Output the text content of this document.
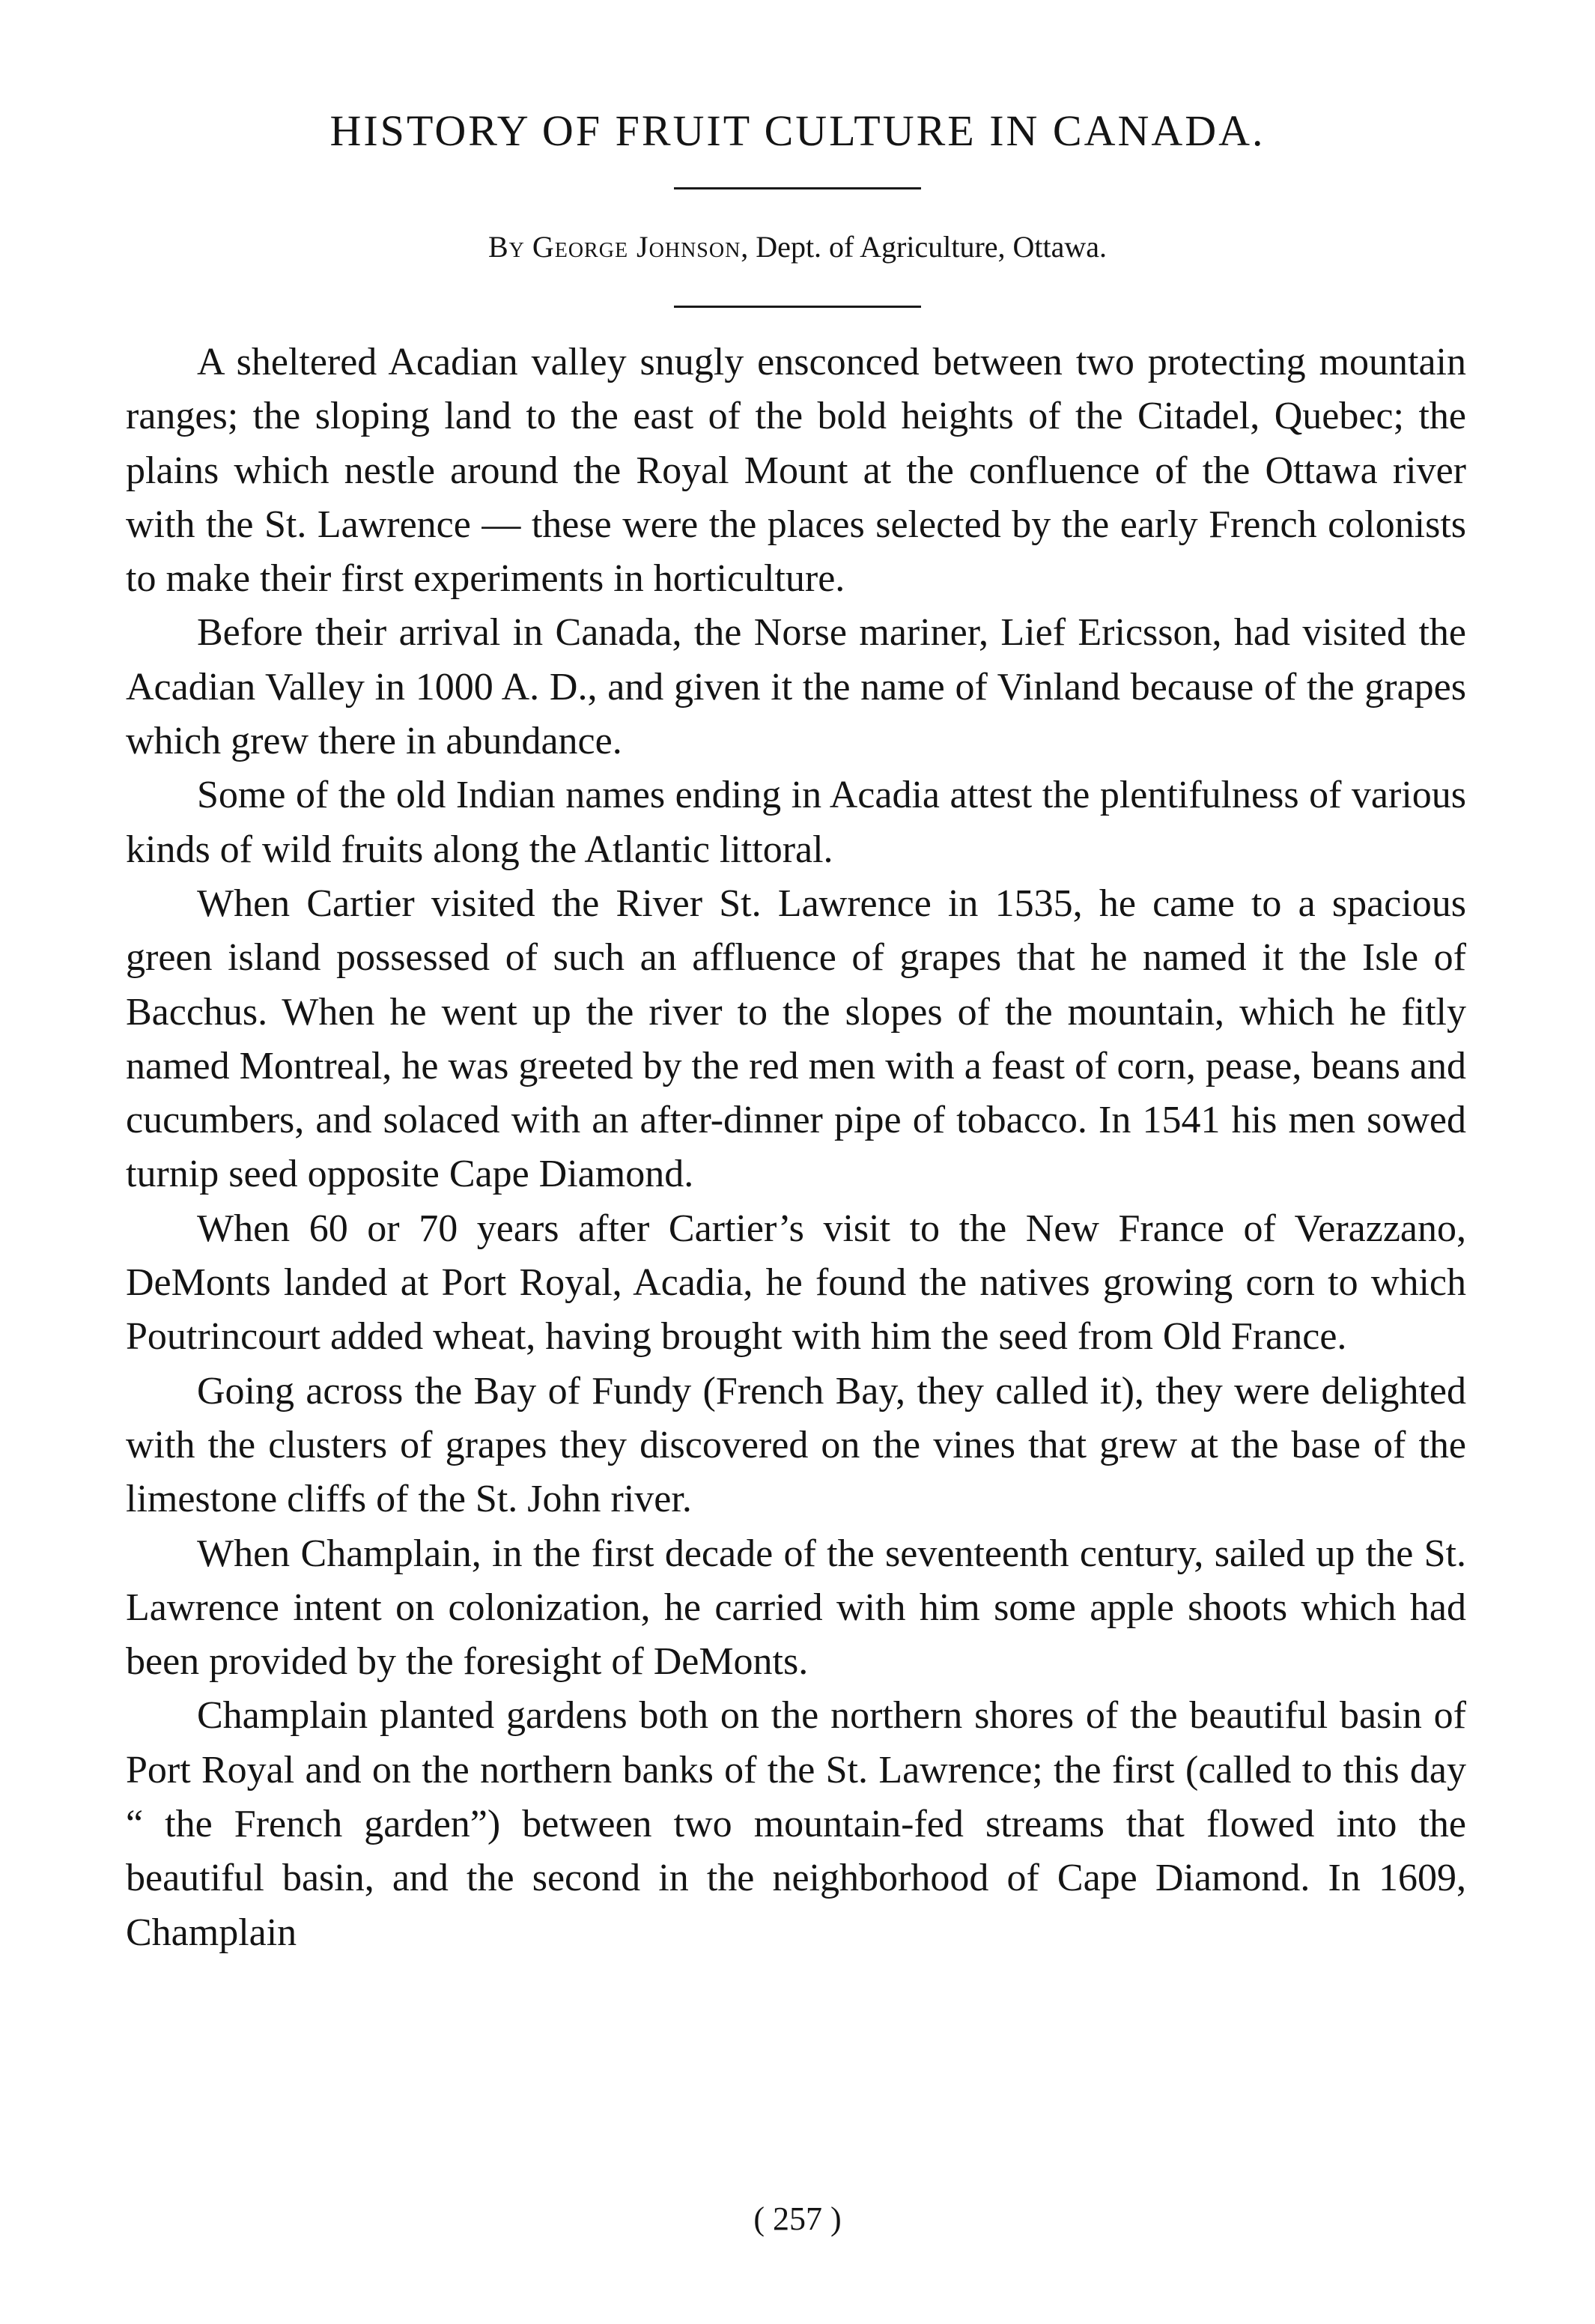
HISTORY OF FRUIT CULTURE IN CANADA.
By George Johnson, Dept. of Agriculture, Ottawa.

A sheltered Acadian valley snugly ensconced between two protecting mountain ranges; the sloping land to the east of the bold heights of the Citadel, Quebec; the plains which nestle around the Royal Mount at the confluence of the Ottawa river with the St. Lawrence — these were the places selected by the early French colonists to make their first experiments in horticulture.

Before their arrival in Canada, the Norse mariner, Lief Ericsson, had visited the Acadian Valley in 1000 A. D., and given it the name of Vinland because of the grapes which grew there in abundance.

Some of the old Indian names ending in Acadia attest the plentifulness of various kinds of wild fruits along the Atlantic littoral.

When Cartier visited the River St. Lawrence in 1535, he came to a spacious green island possessed of such an affluence of grapes that he named it the Isle of Bacchus. When he went up the river to the slopes of the mountain, which he fitly named Montreal, he was greeted by the red men with a feast of corn, pease, beans and cucumbers, and solaced with an after-dinner pipe of tobacco. In 1541 his men sowed turnip seed opposite Cape Diamond.

When 60 or 70 years after Cartier’s visit to the New France of Verazzano, DeMonts landed at Port Royal, Acadia, he found the natives growing corn to which Poutrincourt added wheat, having brought with him the seed from Old France.

Going across the Bay of Fundy (French Bay, they called it), they were delighted with the clusters of grapes they discovered on the vines that grew at the base of the limestone cliffs of the St. John river.

When Champlain, in the first decade of the seventeenth century, sailed up the St. Lawrence intent on colonization, he carried with him some apple shoots which had been provided by the foresight of DeMonts.

Champlain planted gardens both on the northern shores of the beautiful basin of Port Royal and on the northern banks of the St. Lawrence; the first (called to this day “ the French garden”) between two mountain-fed streams that flowed into the beautiful basin, and the second in the neighborhood of Cape Diamond. In 1609, Champlain

( 257 )
